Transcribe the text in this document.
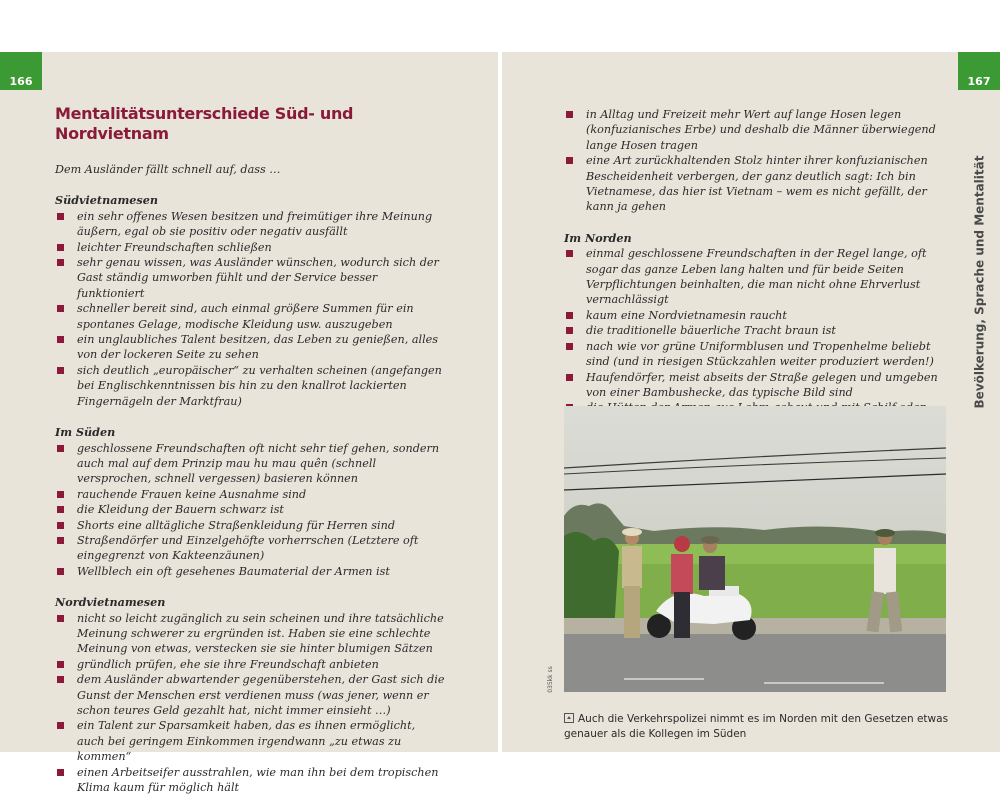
166
Mentalitätsunterschiede Süd- und Nordvietnam

Dem Ausländer fällt schnell auf, dass …

Südvietnamesen

ein sehr offenes Wesen besitzen und freimütiger ihre Meinung äußern, egal ob sie positiv oder negativ ausfällt
leichter Freundschaften schließen
sehr genau wissen, was Ausländer wünschen, wodurch sich der Gast ständig umworben fühlt und der Service besser funktioniert
schneller bereit sind, auch einmal größere Summen für ein spontanes Gelage, modische Kleidung usw. auszugeben
ein unglaubliches Talent besitzen, das Leben zu genießen, alles von der lockeren Seite zu sehen
sich deutlich „europäischer“ zu verhalten scheinen (angefangen bei Englischkenntnissen bis hin zu den knallrot lackierten Fingernägeln der Marktfrau)

Im Süden

geschlossene Freundschaften oft nicht sehr tief gehen, sondern auch mal auf dem Prinzip mau hu mau quên (schnell versprochen, schnell vergessen) basieren können
rauchende Frauen keine Ausnahme sind
die Kleidung der Bauern schwarz ist
Shorts eine alltägliche Straßenkleidung für Herren sind
Straßendörfer und Einzelgehöfte vorherrschen (Letztere oft eingegrenzt von Kakteenzäunen)
Wellblech ein oft gesehenes Baumaterial der Armen ist

Nordvietnamesen

nicht so leicht zugänglich zu sein scheinen und ihre tatsächliche Meinung schwerer zu ergründen ist. Haben sie eine schlechte Meinung von etwas, verstecken sie sie hinter blumigen Sätzen
gründlich prüfen, ehe sie ihre Freundschaft anbieten
dem Ausländer abwartender gegenüberstehen, der Gast sich die Gunst der Menschen erst verdienen muss (was jener, wenn er schon teures Geld gezahlt hat, nicht immer einsieht …)
ein Talent zur Sparsamkeit haben, das es ihnen ermöglicht, auch bei geringem Einkommen irgendwann „zu etwas zu kommen“
einen Arbeitseifer ausstrahlen, wie man ihn bei dem tropischen Klima kaum für möglich hält
167
Bevölkerung, Sprache und Mentalität
in Alltag und Freizeit mehr Wert auf lange Hosen legen (konfuzianisches Erbe) und deshalb die Männer überwiegend lange Hosen tragen
eine Art zurückhaltenden Stolz hinter ihrer konfuzianischen Bescheidenheit verbergen, der ganz deutlich sagt: Ich bin Vietnamese, das hier ist Vietnam – wem es nicht gefällt, der kann ja gehen

Im Norden

einmal geschlossene Freundschaften in der Regel lange, oft sogar das ganze Leben lang halten und für beide Seiten Verpflichtungen beinhalten, die man nicht ohne Ehrverlust vernachlässigt
kaum eine Nordvietnamesin raucht
die traditionelle bäuerliche Tracht braun ist
nach wie vor grüne Uniformblusen und Tropenhelme beliebt sind (und in riesigen Stückzahlen weiter produziert werden!)
Haufendörfer, meist abseits der Straße gelegen und umgeben von einer Bambushecke, das typische Bild sind
035kk ss
Auch die Verkehrspolizei nimmt es im Norden mit den Gesetzen etwas genauer als die Kollegen im Süden
